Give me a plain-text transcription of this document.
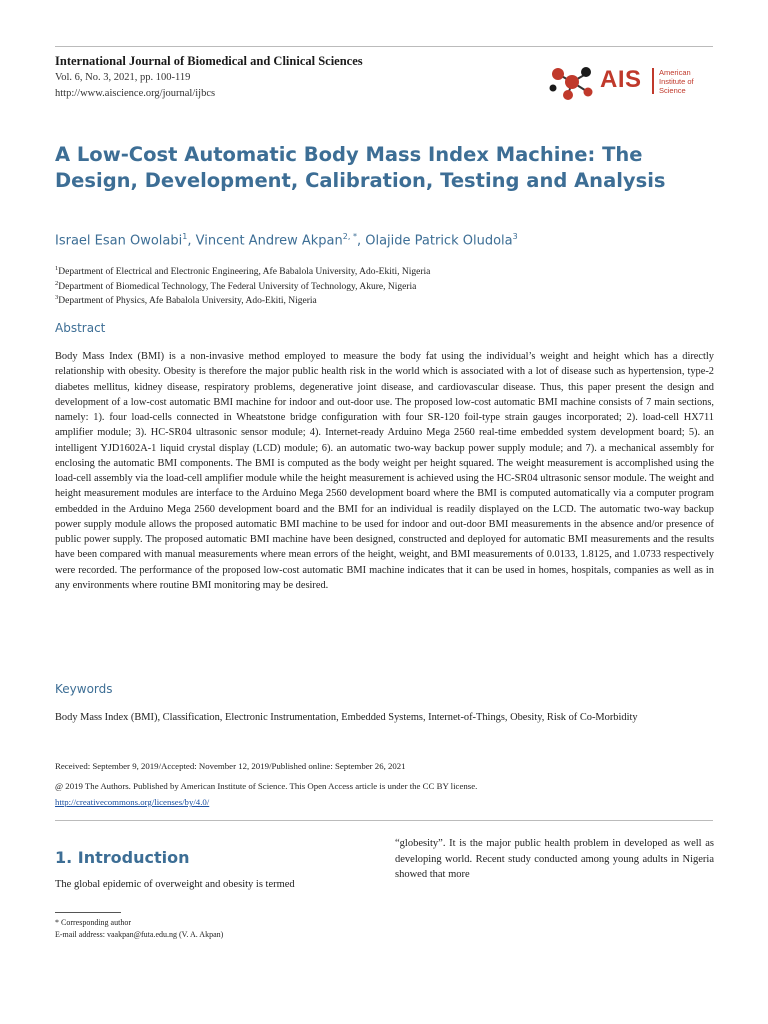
International Journal of Biomedical and Clinical Sciences
Vol. 6, No. 3, 2021, pp. 100-119
http://www.aiscience.org/journal/ijbcs
AIS American
Institute of
Science
A Low-Cost Automatic Body Mass Index Machine: The Design, Development, Calibration, Testing and Analysis
Israel Esan Owolabi$^1$, Vincent Andrew Akpan$^{2, *}$, Olajide Patrick Oludola$^3$
$^1$Department of Electrical and Electronic Engineering, Afe Babalola University, Ado-Ekiti, Nigeria
$^2$Department of Biomedical Technology, The Federal University of Technology, Akure, Nigeria
$^3$Department of Physics, Afe Babalola University, Ado-Ekiti, Nigeria
Abstract
Body Mass Index (BMI) is a non-invasive method employed to measure the body fat using the individual’s weight and height which has a directly relationship with obesity. Obesity is therefore the major public health risk in the world which is associated with a lot of disease such as hypertension, type-2 diabetes mellitus, kidney disease, respiratory problems, degenerative joint disease, and cardiovascular disease. Thus, this paper present the design and development of a low-cost automatic BMI machine for indoor and out-door use. The proposed low-cost automatic BMI machine consists of 7 main sections, namely: 1). four load-cells connected in Wheatstone bridge configuration with four SR-120 foil-type strain gauges incorporated; 2). load-cell HX711 amplifier module; 3). HC-SR04 ultrasonic sensor module; 4). Internet-ready Arduino Mega 2560 real-time embedded system development board; 5). an intelligent YJD1602A-1 liquid crystal display (LCD) module; 6). an automatic two-way backup power supply module; and 7). a mechanical assembly for enclosing the automatic BMI components. The BMI is computed as the body weight per height squared. The weight measurement is accomplished using the load-cell assembly via the load-cell amplifier module while the height measurement is achieved using the HC-SR04 ultrasonic sensor module. The weight and height measurement modules are interface to the Arduino Mega 2560 development board where the BMI is computed automatically via a computer program embedded in the Arduino Mega 2560 development board and the BMI for an individual is readily displayed on the LCD. The automatic two-way backup power supply module allows the proposed automatic BMI machine to be used for indoor and out-door BMI measurements in the absence and/or presence of public power supply. The proposed automatic BMI machine have been designed, constructed and deployed for automatic BMI measurements and the results have been compared with manual measurements where mean errors of the height, weight, and BMI measurements of 0.0133, 1.8125, and 1.0733 respectively were recorded. The performance of the proposed low-cost automatic BMI machine indicates that it can be used in homes, hospitals, companies as well as in any environments where routine BMI monitoring may be desired.
Keywords
Body Mass Index (BMI), Classification, Electronic Instrumentation, Embedded Systems, Internet-of-Things, Obesity, Risk of Co-Morbidity
Received: September 9, 2019/Accepted: November 12, 2019/Published online: September 26, 2021
@ 2019 The Authors. Published by American Institute of Science. This Open Access article is under the CC BY license.
http://creativecommons.org/licenses/by/4.0/
1. Introduction
The global epidemic of overweight and obesity is termed
“globesity”. It is the major public health problem in developed as well as developing world. Recent study conducted among young adults in Nigeria showed that more
* Corresponding author
E-mail address: vaakpan@futa.edu.ng (V. A. Akpan)
